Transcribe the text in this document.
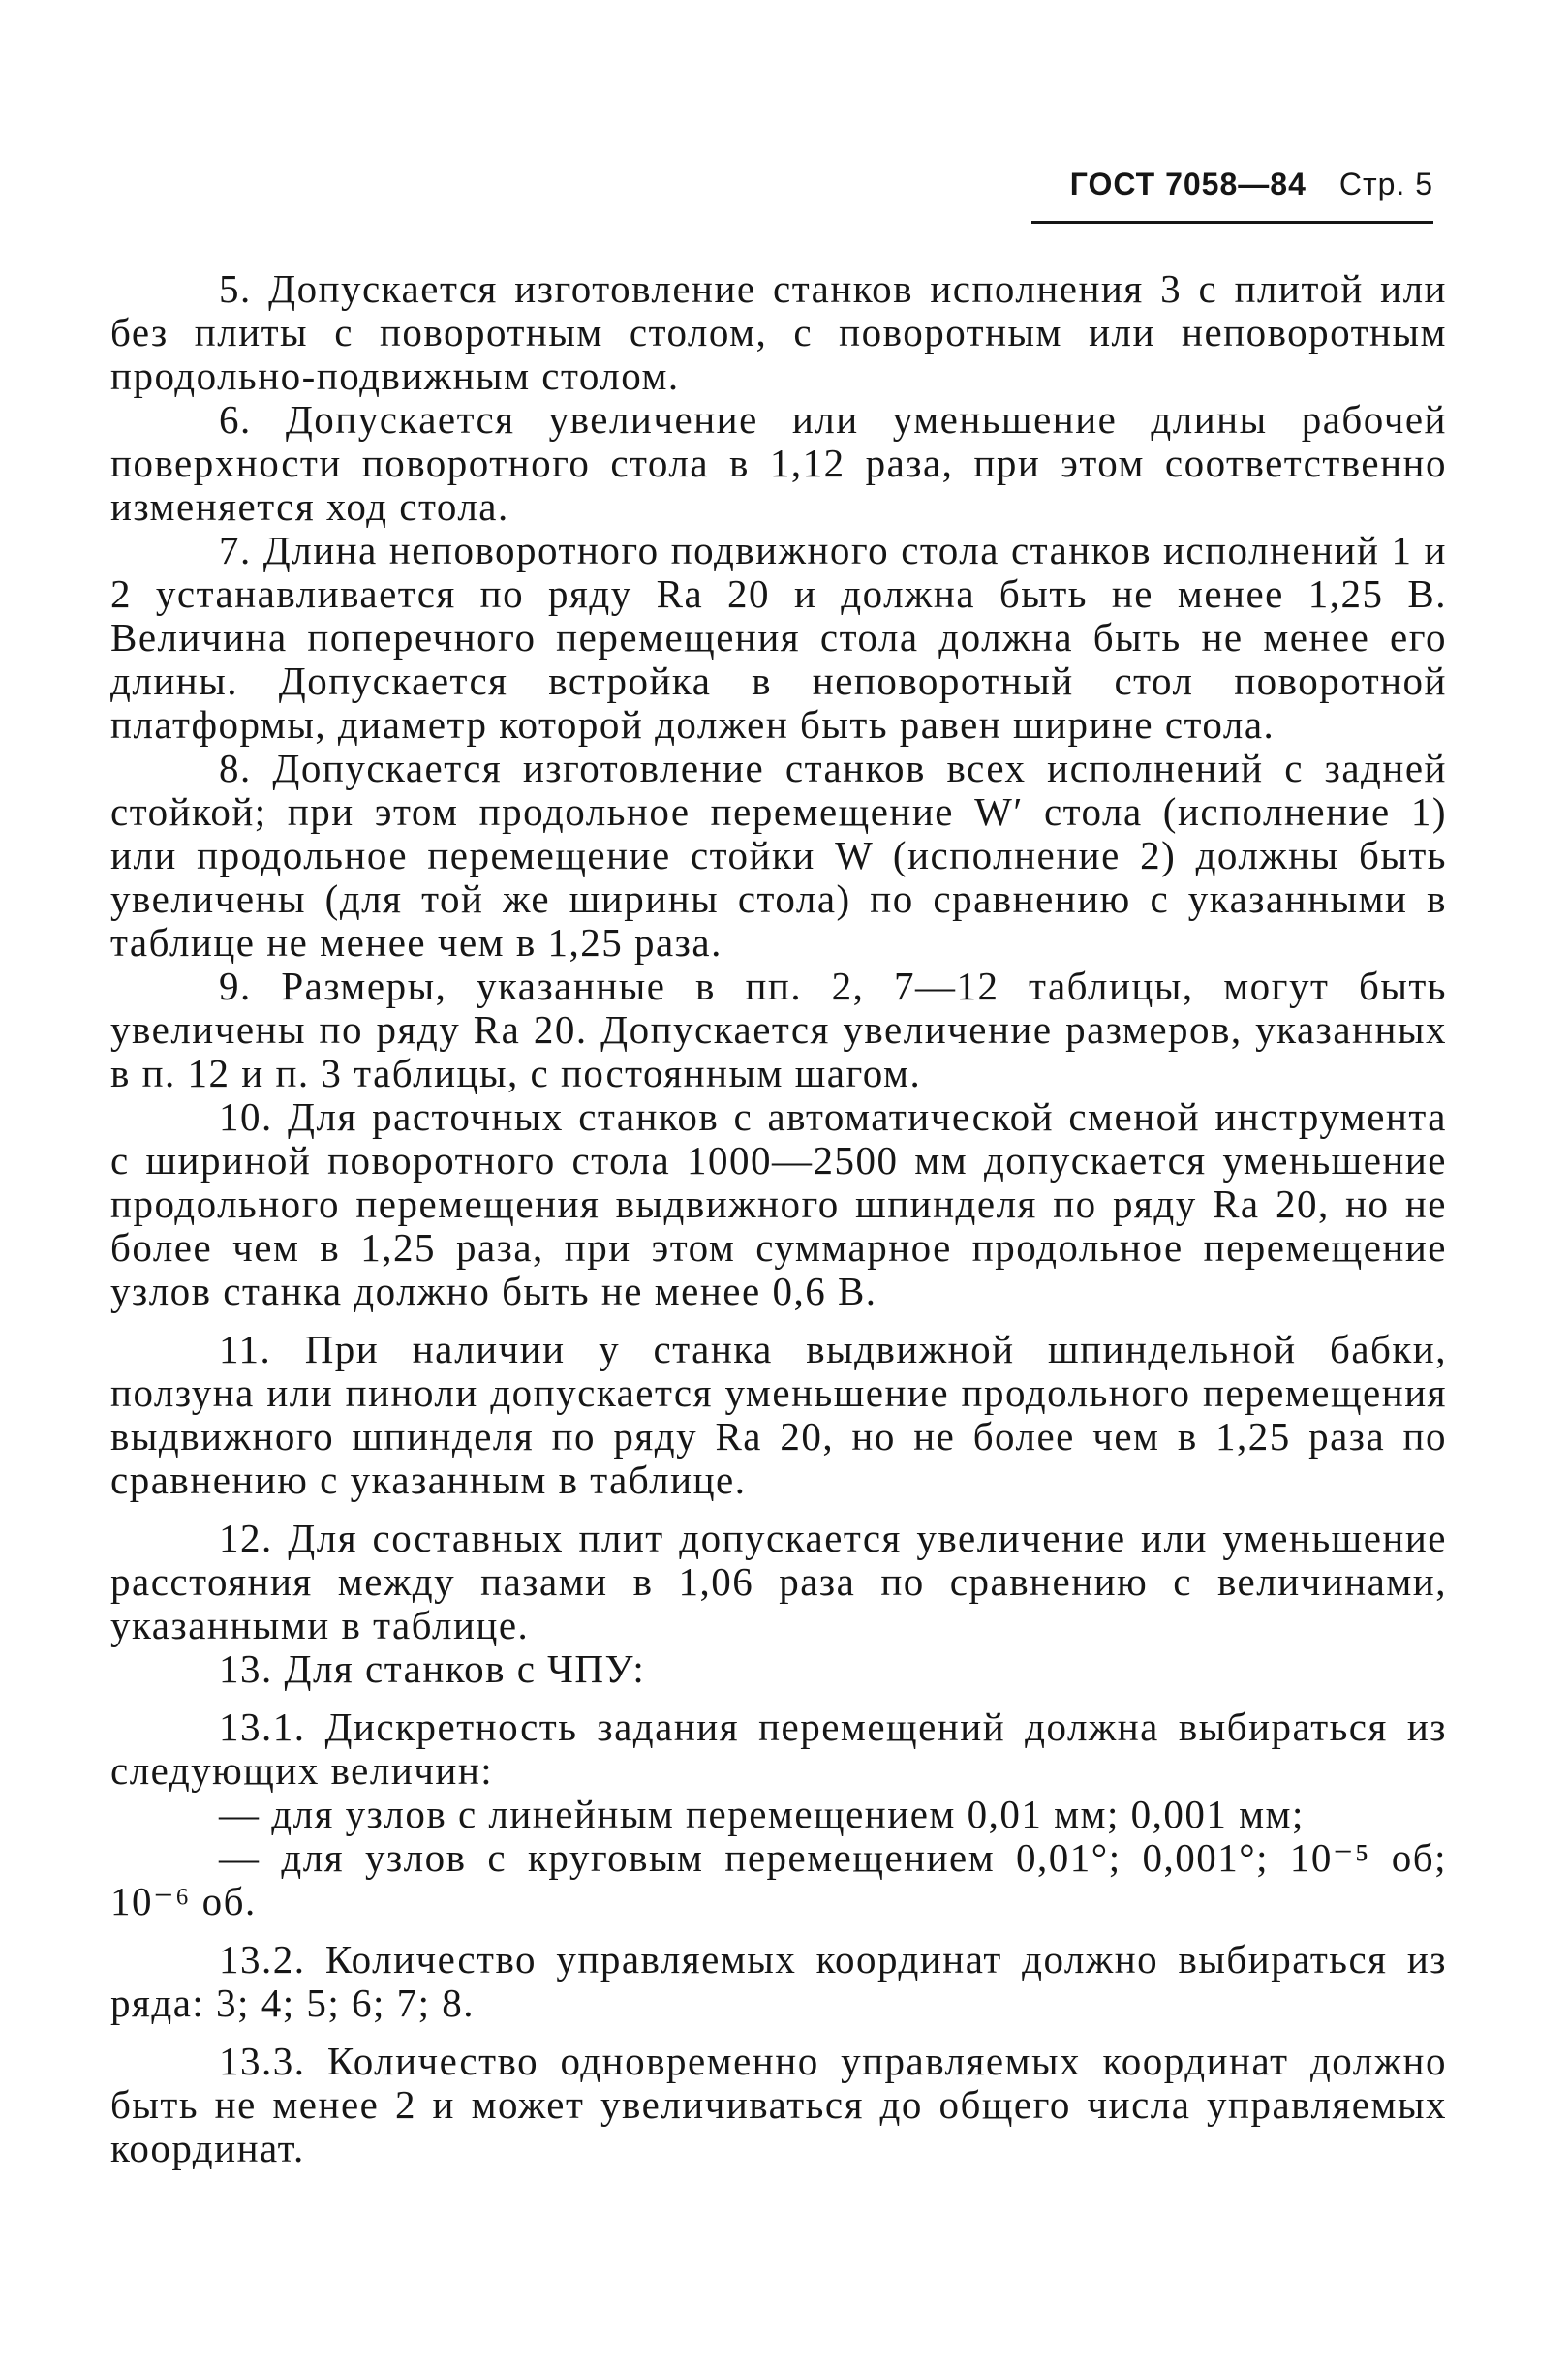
ГОСТ 7058—84 Стр. 5

5. Допускается изготовление станков исполнения 3 с плитой или без плиты с поворотным столом, с поворотным или неповоротным продольно-подвижным столом.

6. Допускается увеличение или уменьшение длины рабочей поверхности поворотного стола в 1,12 раза, при этом соответственно изменяется ход стола.

7. Длина неповоротного подвижного стола станков исполнений 1 и 2 устанавливается по ряду Ra 20 и должна быть не менее 1,25 B. Величина поперечного перемещения стола должна быть не менее его длины. Допускается встройка в неповоротный стол поворотной платформы, диаметр которой должен быть равен ширине стола.

8. Допускается изготовление станков всех исполнений с задней стойкой; при этом продольное перемещение W′ стола (исполнение 1) или продольное перемещение стойки W (исполнение 2) должны быть увеличены (для той же ширины стола) по сравнению с указанными в таблице не менее чем в 1,25 раза.

9. Размеры, указанные в пп. 2, 7—12 таблицы, могут быть увеличены по ряду Ra 20. Допускается увеличение размеров, указанных в п. 12 и п. 3 таблицы, с постоянным шагом.

10. Для расточных станков с автоматической сменой инструмента с шириной поворотного стола 1000—2500 мм допускается уменьшение продольного перемещения выдвижного шпинделя по ряду Ra 20, но не более чем в 1,25 раза, при этом суммарное продольное перемещение узлов станка должно быть не менее 0,6 B.

11. При наличии у станка выдвижной шпиндельной бабки, ползуна или пиноли допускается уменьшение продольного перемещения выдвижного шпинделя по ряду Ra 20, но не более чем в 1,25 раза по сравнению с указанным в таблице.

12. Для составных плит допускается увеличение или уменьшение расстояния между пазами в 1,06 раза по сравнению с величинами, указанными в таблице.

13. Для станков с ЧПУ:

13.1. Дискретность задания перемещений должна выбираться из следующих величин:

— для узлов с линейным перемещением 0,01 мм; 0,001 мм;

— для узлов с круговым перемещением 0,01°; 0,001°; 10⁻⁵ об; 10⁻⁶ об.

13.2. Количество управляемых координат должно выбираться из ряда: 3; 4; 5; 6; 7; 8.

13.3. Количество одновременно управляемых координат должно быть не менее 2 и может увеличиваться до общего числа управляемых координат.
